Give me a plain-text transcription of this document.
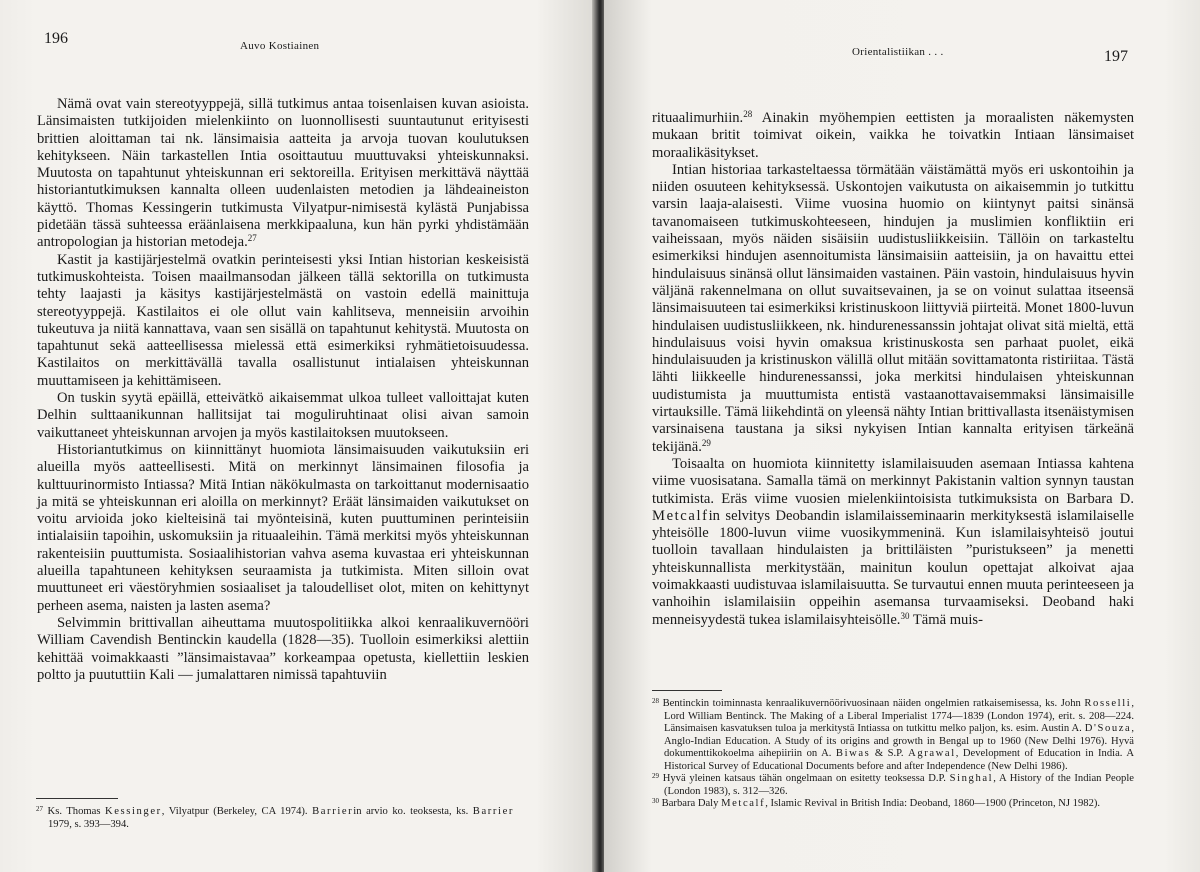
196	Auvo Kostiainen

Nämä ovat vain stereotyyppejä, sillä tutkimus antaa toisenlaisen kuvan asioista. Länsimaisten tutkijoiden mielenkiinto on luonnollisesti suuntautunut erityisesti brittien aloittaman tai nk. länsimaisia aatteita ja arvoja tuovan koulutuksen kehitykseen. Näin tarkastellen Intia osoittautuu muuttuvaksi yhteiskunnaksi. Muutosta on tapahtunut yhteiskunnan eri sektoreilla. Erityisen merkittävä näyttää historiantutkimuksen kannalta olleen uudenlaisten metodien ja lähdeaineiston käyttö. Thomas Kessingerin tutkimusta Vilyatpur-nimisestä kylästä Punjabissa pidetään tässä suhteessa eräänlaisena merkkipaaluna, kun hän pyrki yhdistämään antropologian ja historian metodeja.$^{27}$

Kastit ja kastijärjestelmä ovatkin perinteisesti yksi Intian historian keskeisistä tutkimuskohteista. Toisen maailmansodan jälkeen tällä sektorilla on tutkimusta tehty laajasti ja käsitys kastijärjestelmästä on vastoin edellä mainittuja stereotyyppejä. Kastilaitos ei ole ollut vain kahlitseva, menneisiin arvoihin tukeutuva ja niitä kannattava, vaan sen sisällä on tapahtunut kehitystä. Muutosta on tapahtunut sekä aatteellisessa mielessä että esimerkiksi ryhmätietoisuudessa. Kastilaitos on merkittävällä tavalla osallistunut intialaisen yhteiskunnan muuttamiseen ja kehittämiseen.

On tuskin syytä epäillä, etteivätkö aikaisemmat ulkoa tulleet valloittajat kuten Delhin sulttaanikunnan hallitsijat tai moguliruhtinaat olisi aivan samoin vaikuttaneet yhteiskunnan arvojen ja myös kastilaitoksen muutokseen.

Historiantutkimus on kiinnittänyt huomiota länsimaisuuden vaikutuksiin eri alueilla myös aatteellisesti. Mitä on merkinnyt länsimainen filosofia ja kulttuurinormisto Intiassa? Mitä Intian näkökulmasta on tarkoittanut modernisaatio ja mitä se yhteiskunnan eri aloilla on merkinnyt? Eräät länsimaiden vaikutukset on voitu arvioida joko kielteisinä tai myönteisinä, kuten puuttuminen perinteisiin intialaisiin tapoihin, uskomuksiin ja rituaaleihin. Tämä merkitsi myös yhteiskunnan rakenteisiin puuttumista. Sosiaalihistorian vahva asema kuvastaa eri yhteiskunnan alueilla tapahtuneen kehityksen seuraamista ja tutkimista. Miten silloin ovat muuttuneet eri väestöryhmien sosiaaliset ja taloudelliset olot, miten on kehittynyt perheen asema, naisten ja lasten asema?

Selvimmin brittivallan aiheuttama muutospolitiikka alkoi kenraalikuvernööri William Cavendish Bentinckin kaudella (1828—35). Tuolloin esimerkiksi alettiin kehittää voimakkaasti ”länsimaistavaa” korkeampaa opetusta, kiellettiin leskien poltto ja puututtiin Kali — jumalattaren nimissä tapahtuviin

$^{27}$ Ks. Thomas Kessinger, Vilyatpur (Berkeley, CA 1974). Barrierin arvio ko. teoksesta, ks. Barrier 1979, s. 393—394.

Orientalistiikan . . .	197

rituaalimurhiin.$^{28}$ Ainakin myöhempien eettisten ja moraalisten näkemysten mukaan britit toimivat oikein, vaikka he toivatkin Intiaan länsimaiset moraalikäsitykset.

Intian historiaa tarkasteltaessa törmätään väistämättä myös eri uskontoihin ja niiden osuuteen kehityksessä. Uskontojen vaikutusta on aikaisemmin jo tutkittu varsin laaja-alaisesti. Viime vuosina huomio on kiintynyt paitsi sinänsä tavanomaiseen tutkimuskohteeseen, hindujen ja muslimien konfliktiin eri vaiheissaan, myös näiden sisäisiin uudistusliikkeisiin. Tällöin on tarkasteltu esimerkiksi hindujen asennoitumista länsimaisiin aatteisiin, ja on havaittu ettei hindulaisuus sinänsä ollut länsimaiden vastainen. Päin vastoin, hindulaisuus hyvin väljänä rakennelmana on ollut suvaitsevainen, ja se on voinut sulattaa itseensä länsimaisuuteen tai esimerkiksi kristinuskoon liittyviä piirteitä. Monet 1800-luvun hindulaisen uudistusliikkeen, nk. hindurenessanssin johtajat olivat sitä mieltä, että hindulaisuus voisi hyvin omaksua kristinuskosta sen parhaat puolet, eikä hindulaisuuden ja kristinuskon välillä ollut mitään sovittamatonta ristiriitaa. Tästä lähti liikkeelle hindurenessanssi, joka merkitsi hindulaisen yhteiskunnan uudistumista ja muuttumista entistä vastaanottavaisemmaksi länsimaisille virtauksille. Tämä liikehdintä on yleensä nähty Intian brittivallasta itsenäistymisen varsinaisena taustana ja siksi nykyisen Intian kannalta erityisen tärkeänä tekijänä.$^{29}$

Toisaalta on huomiota kiinnitetty islamilaisuuden asemaan Intiassa kahtena viime vuosisatana. Samalla tämä on merkinnyt Pakistanin valtion synnyn taustan tutkimista. Eräs viime vuosien mielenkiintoisista tutkimuksista on Barbara D. Metcalfin selvitys Deobandin islamilaisseminaarin merkityksestä islamilaiselle yhteisölle 1800-luvun viime vuosikymmeninä. Kun islamilaisyhteisö joutui tuolloin tavallaan hindulaisten ja brittiläisten ”puristukseen” ja menetti yhteiskunnallista merkitystään, mainitun koulun opettajat alkoivat ajaa voimakkaasti uudistuvaa islamilaisuutta. Se turvautui ennen muuta perinteeseen ja vanhoihin islamilaisiin oppeihin asemansa turvaamiseksi. Deoband haki menneisyydestä tukea islamilaisyhteisölle.$^{30}$ Tämä muis-

$^{28}$ Bentinckin toiminnasta kenraalikuvernöörivuosinaan näiden ongelmien ratkaisemisessa, ks. John Rosselli, Lord William Bentinck. The Making of a Liberal Imperialist 1774—1839 (London 1974), erit. s. 208—224. Länsimaisen kasvatuksen tuloa ja merkitystä Intiassa on tutkittu melko paljon, ks. esim. Austin A. D'Souza, Anglo-Indian Education. A Study of its origins and growth in Bengal up to 1960 (New Delhi 1976). Hyvä dokumenttikokoelma aihepiiriin on A. Biwas & S.P. Agrawal, Development of Education in India. A Historical Survey of Educational Documents before and after Independence (New Delhi 1986).

$^{29}$ Hyvä yleinen katsaus tähän ongelmaan on esitetty teoksessa D.P. Singhal, A History of the Indian People (London 1983), s. 312—326.

$^{30}$ Barbara Daly Metcalf, Islamic Revival in British India: Deoband, 1860—1900 (Princeton, NJ 1982).
